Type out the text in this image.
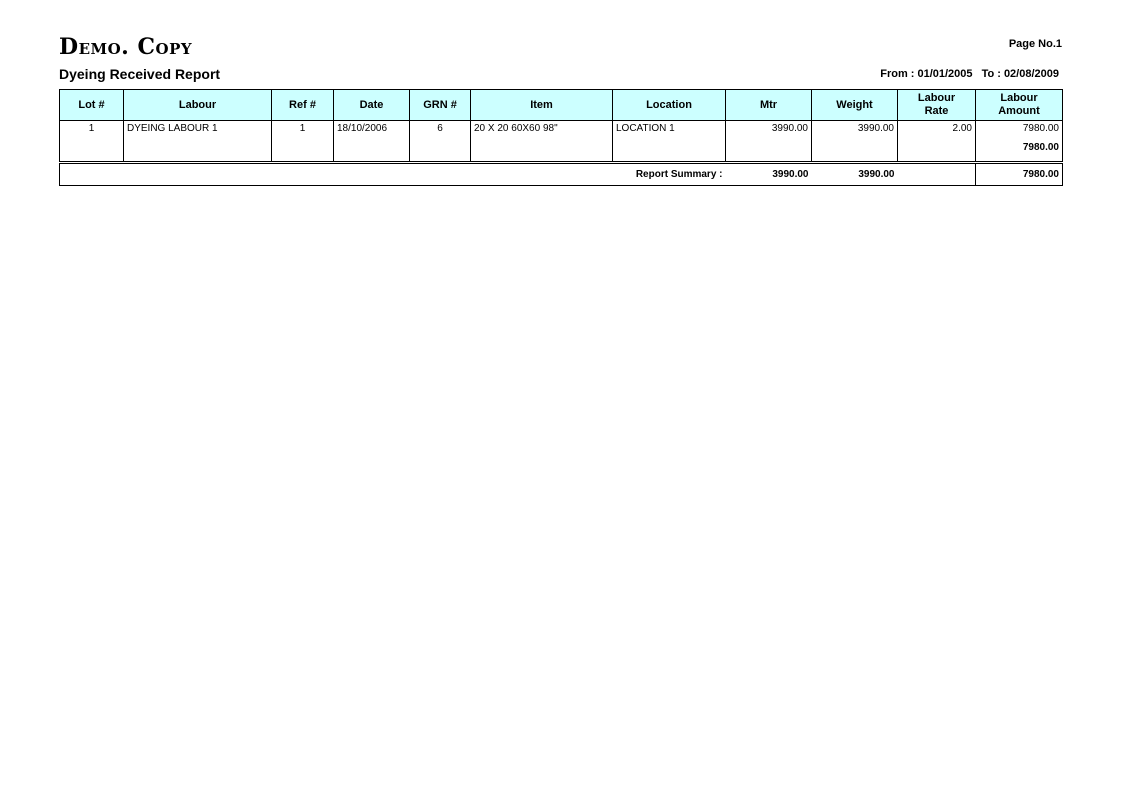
Demo. Copy	Page No.1
Dyeing Received Report	From : 01/01/2005 To : 02/08/2009
Lot #	Labour	Ref #	Date	GRN #	Item	Location	Mtr	Weight	Labour Rate	Labour Amount
1	DYEING LABOUR 1	1	18/10/2006	6	20 X 20 60X60 98"	LOCATION 1	3990.00	3990.00	2.00	7980.00
7980.00
Report Summary :	3990.00	3990.00		7980.00
